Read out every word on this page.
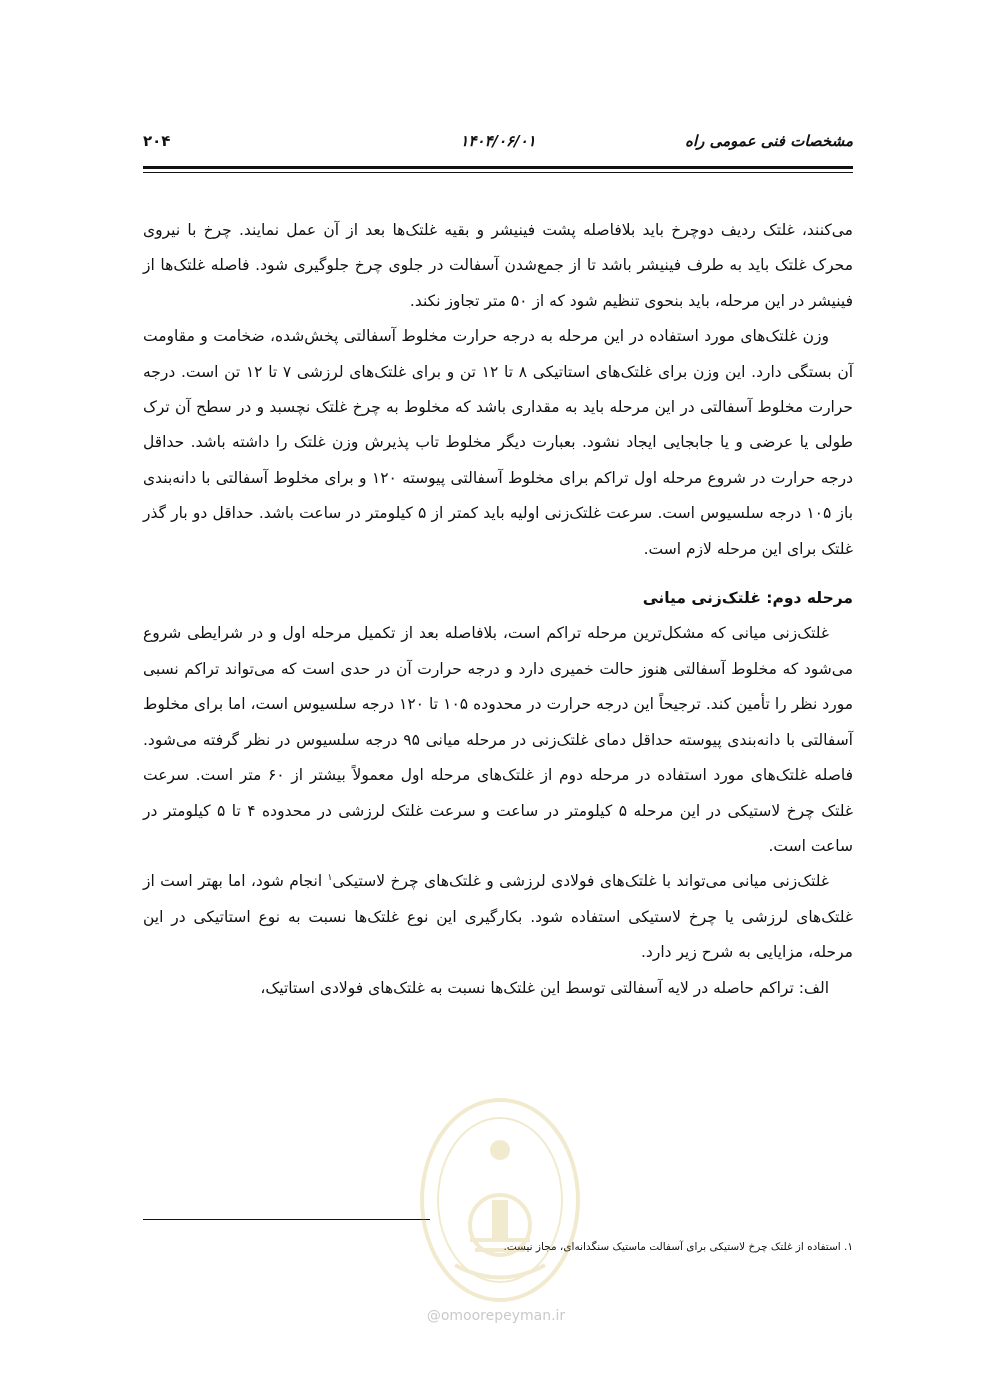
مشخصات فنی عمومی راه
۱۴۰۴/۰۶/۰۱
۲۰۴

می‌کنند، غلتک ردیف دوچرخ باید بلافاصله پشت فینیشر و بقیه غلتک‌ها بعد از آن عمل نمایند. چرخ با نیروی محرک غلتک باید به طرف فینیشر باشد تا از جمع‌شدن آسفالت در جلوی چرخ جلوگیری شود. فاصله غلتک‌ها از فینیشر در این مرحله، باید بنحوی تنظیم شود که از ۵۰ متر تجاوز نکند.

وزن غلتک‌های مورد استفاده در این مرحله به درجه حرارت مخلوط آسفالتی پخش‌شده، ضخامت و مقاومت آن بستگی دارد. این وزن برای غلتک‌های استاتیکی ۸ تا ۱۲ تن و برای غلتک‌های لرزشی ۷ تا ۱۲ تن است. درجه حرارت مخلوط آسفالتی در این مرحله باید به مقداری باشد که مخلوط به چرخ غلتک نچسبد و در سطح آن ترک طولی یا عرضی و یا جابجایی ایجاد نشود. بعبارت دیگر مخلوط تاب پذیرش وزن غلتک را داشته باشد. حداقل درجه حرارت در شروع مرحله اول تراکم برای مخلوط آسفالتی پیوسته ۱۲۰ و برای مخلوط آسفالتی با دانه‌بندی باز ۱۰۵ درجه سلسیوس است. سرعت غلتک‌زنی اولیه باید کمتر از ۵ کیلومتر در ساعت باشد. حداقل دو بار گذر غلتک برای این مرحله لازم است.

مرحله دوم: غلتک‌زنی میانی

غلتک‌زنی میانی که مشکل‌ترین مرحله تراکم است، بلافاصله بعد از تکمیل مرحله اول و در شرایطی شروع می‌شود که مخلوط آسفالتی هنوز حالت خمیری دارد و درجه حرارت آن در حدی است که می‌تواند تراکم نسبی مورد نظر را تأمین کند. ترجیحاً این درجه حرارت در محدوده ۱۰۵ تا ۱۲۰ درجه سلسیوس است، اما برای مخلوط آسفالتی با دانه‌بندی پیوسته حداقل دمای غلتک‌زنی در مرحله میانی ۹۵ درجه سلسیوس در نظر گرفته می‌شود. فاصله غلتک‌های مورد استفاده در مرحله دوم از غلتک‌های مرحله اول معمولاً بیشتر از ۶۰ متر است. سرعت غلتک چرخ لاستیکی در این مرحله ۵ کیلومتر در ساعت و سرعت غلتک لرزشی در محدوده ۴ تا ۵ کیلومتر در ساعت است.

غلتک‌زنی میانی می‌تواند با غلتک‌های فولادی لرزشی و غلتک‌های چرخ لاستیکی$^۱$ انجام شود، اما بهتر است از غلتک‌های لرزشی یا چرخ لاستیکی استفاده شود. بکارگیری این نوع غلتک‌ها نسبت به نوع استاتیکی در این مرحله، مزایایی به شرح زیر دارد.

الف: تراکم حاصله در لایه آسفالتی توسط این غلتک‌ها نسبت به غلتک‌های فولادی استاتیک،

۱. استفاده از غلتک چرخ لاستیکی برای آسفالت ماستیک سنگدانه‌ای، مجاز نیست.
@omoorepeyman.ir
